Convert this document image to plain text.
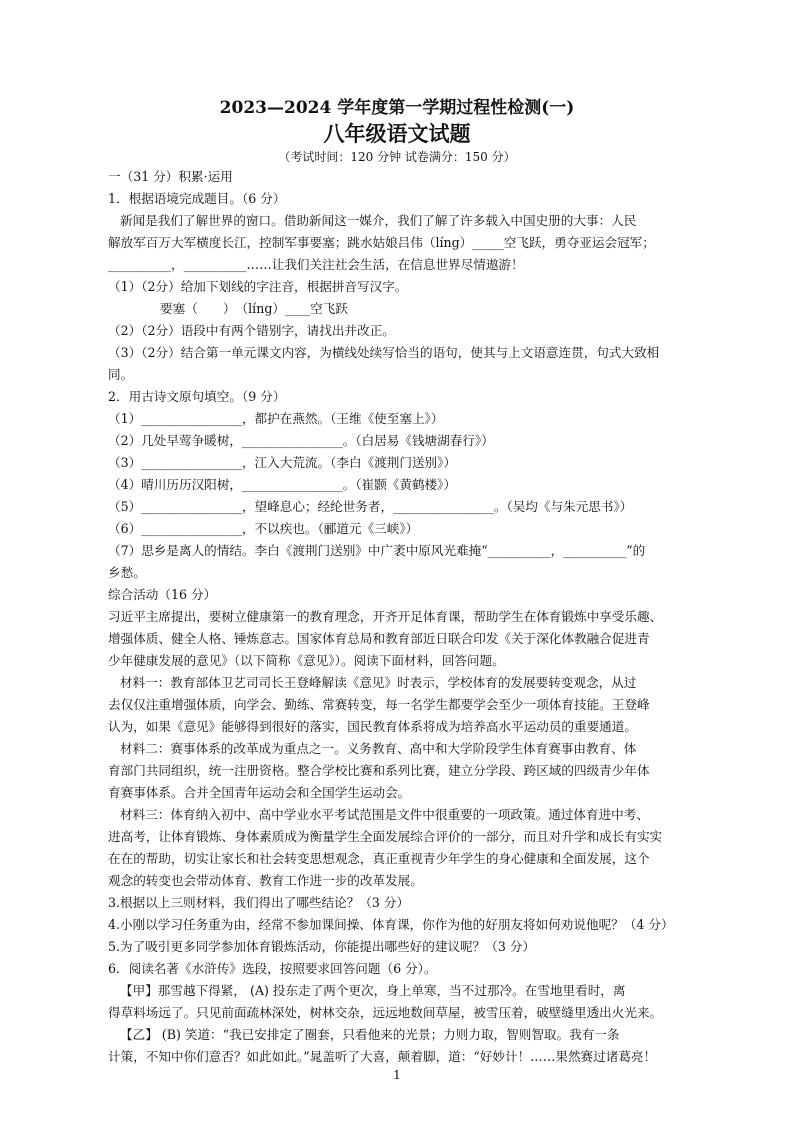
2023—2024 学年度第一学期过程性检测(一)
八年级语文试题
（考试时间：120 分钟 试卷满分：150 分）
一（31 分）积累·运用
1．根据语境完成题目。（6 分）
新闻是我们了解世界的窗口。借助新闻这一媒介，我们了解了许多载入中国史册的大事：人民
解放军百万大军横度长江，控制军事要塞；跳水姑娘吕伟（líng）_____空飞跃，勇夺亚运会冠军；
__________，__________……让我们关注社会生活，在信息世界尽情遨游！
（1）（2分）给加下划线的字注音，根据拼音写汉字。
要塞（　　）　（líng）____空飞跃
（2）（2分）语段中有两个错别字，请找出并改正。
（3）（2分）结合第一单元课文内容，为横线处续写恰当的语句，使其与上文语意连贯，句式大致相
同。
2．用古诗文原句填空。（9 分）
（1）________________，都护在燕然。（王维《使至塞上》）
（2）几处早莺争暖树，________________。（白居易《钱塘湖春行》）
（3）________________，江入大荒流。（李白《渡荆门送别》）
（4）晴川历历汉阳树，________________。（崔颢《黄鹤楼》）
（5）________________，望峰息心；经纶世务者，________________。（吴均《与朱元思书》）
（6）________________，不以疾也。（郦道元《三峡》）
（7）思乡是离人的情结。李白《渡荆门送别》中广袤中原风光难掩“__________，__________”的
乡愁。
综合活动（16 分）
习近平主席提出，要树立健康第一的教育理念，开齐开足体育课，帮助学生在体育锻炼中享受乐趣、
增强体质、健全人格、锤炼意志。国家体育总局和教育部近日联合印发《关于深化体教融合促进青
少年健康发展的意见》（以下简称《意见》）。阅读下面材料，回答问题。
材料一：教育部体卫艺司司长王登峰解读《意见》时表示，学校体育的发展要转变观念，从过
去仅仅注重增强体质，向学会、勤练、常赛转变，每一名学生都要学会至少一项体育技能。王登峰
认为，如果《意见》能够得到很好的落实，国民教育体系将成为培养高水平运动员的重要通道。
材料二：赛事体系的改革成为重点之一。义务教育、高中和大学阶段学生体育赛事由教育、体
育部门共同组织，统一注册资格。整合学校比赛和系列比赛，建立分学段、跨区域的四级青少年体
育赛事体系。合并全国青年运动会和全国学生运动会。
材料三：体育纳入初中、高中学业水平考试范围是文件中很重要的一项政策。通过体育进中考、
进高考，让体育锻炼、身体素质成为衡量学生全面发展综合评价的一部分，而且对升学和成长有实实
在在的帮助，切实让家长和社会转变思想观念，真正重视青少年学生的身心健康和全面发展，这个
观念的转变也会带动体育、教育工作进一步的改革发展。
3.根据以上三则材料，我们得出了哪些结论？（3 分）
4.小刚以学习任务重为由，经常不参加课间操、体育课，你作为他的好朋友将如何劝说他呢？（4 分）
5.为了吸引更多同学参加体育锻炼活动，你能提出哪些好的建议呢？（3 分）
6．阅读名著《水浒传》选段，按照要求回答问题（6 分）。
【甲】那雪越下得紧， (A) 投东走了两个更次，身上单寒，当不过那冷。在雪地里看时，离
得草料场远了。只见前面疏林深处，树林交杂，远远地数间草屋，被雪压着，破壁缝里透出火光来。
【乙】 (B) 笑道：“我已安排定了圈套，只看他来的光景；力则力取，智则智取。我有一条
计策，不知中你们意否？如此如此。”晁盖听了大喜，颠着脚，道：“好妙计！……果然赛过诸葛亮！
1
